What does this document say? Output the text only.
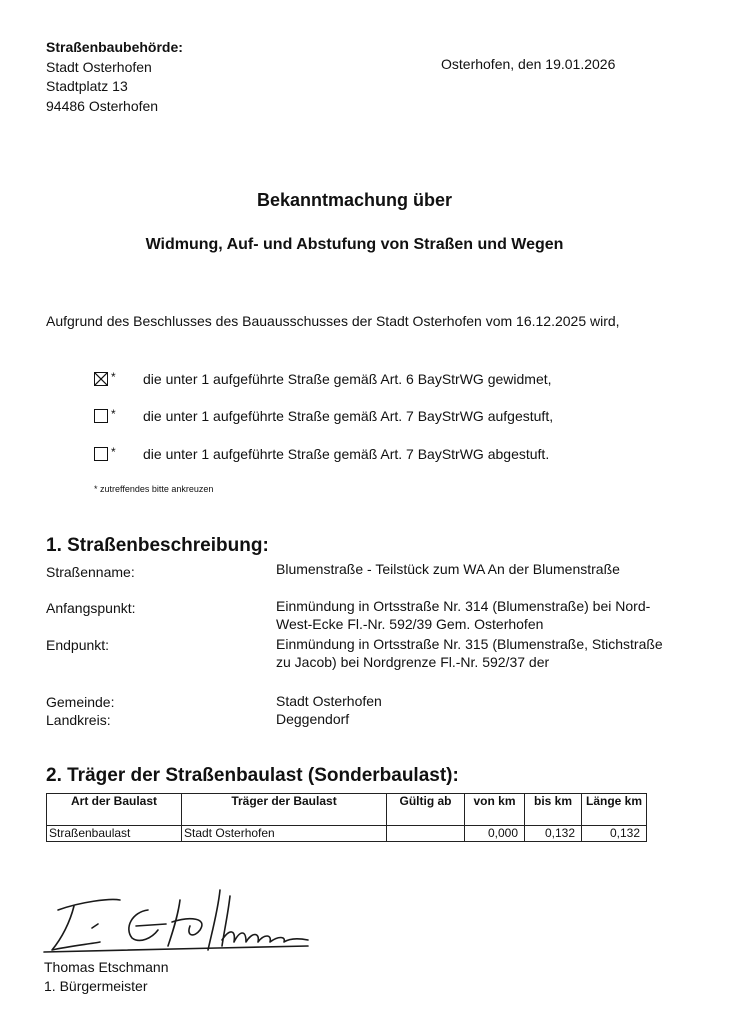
Straßenbaubehörde:
Stadt Osterhofen
Stadtplatz 13
94486 Osterhofen
Osterhofen, den 19.01.2026
Bekanntmachung über
Widmung, Auf- und Abstufung von Straßen und Wegen
Aufgrund des Beschlusses des Bauausschusses der Stadt Osterhofen vom 16.12.2025 wird,
* die unter 1 aufgeführte Straße gemäß Art. 6 BayStrWG gewidmet,
* die unter 1 aufgeführte Straße gemäß Art. 7 BayStrWG aufgestuft,
* die unter 1 aufgeführte Straße gemäß Art. 7 BayStrWG abgestuft.
* zutreffendes bitte ankreuzen
1. Straßenbeschreibung:
Straßenname:	Blumenstraße - Teilstück zum WA An der Blumenstraße
Anfangspunkt:	Einmündung in Ortsstraße Nr. 314 (Blumenstraße) bei Nord-West-Ecke Fl.-Nr. 592/39 Gem. Osterhofen
Endpunkt:	Einmündung in Ortsstraße Nr. 315 (Blumenstraße, Stichstraße zu Jacob) bei Nordgrenze Fl.-Nr. 592/37 der
Gemeinde:	Stadt Osterhofen
Landkreis:	Deggendorf
2. Träger der Straßenbaulast (Sonderbaulast):
Art der Baulast	Träger der Baulast	Gültig ab	von km	bis km	Länge km
Straßenbaulast	Stadt Osterhofen		0,000	0,132	0,132
Thomas Etschmann
1. Bürgermeister
